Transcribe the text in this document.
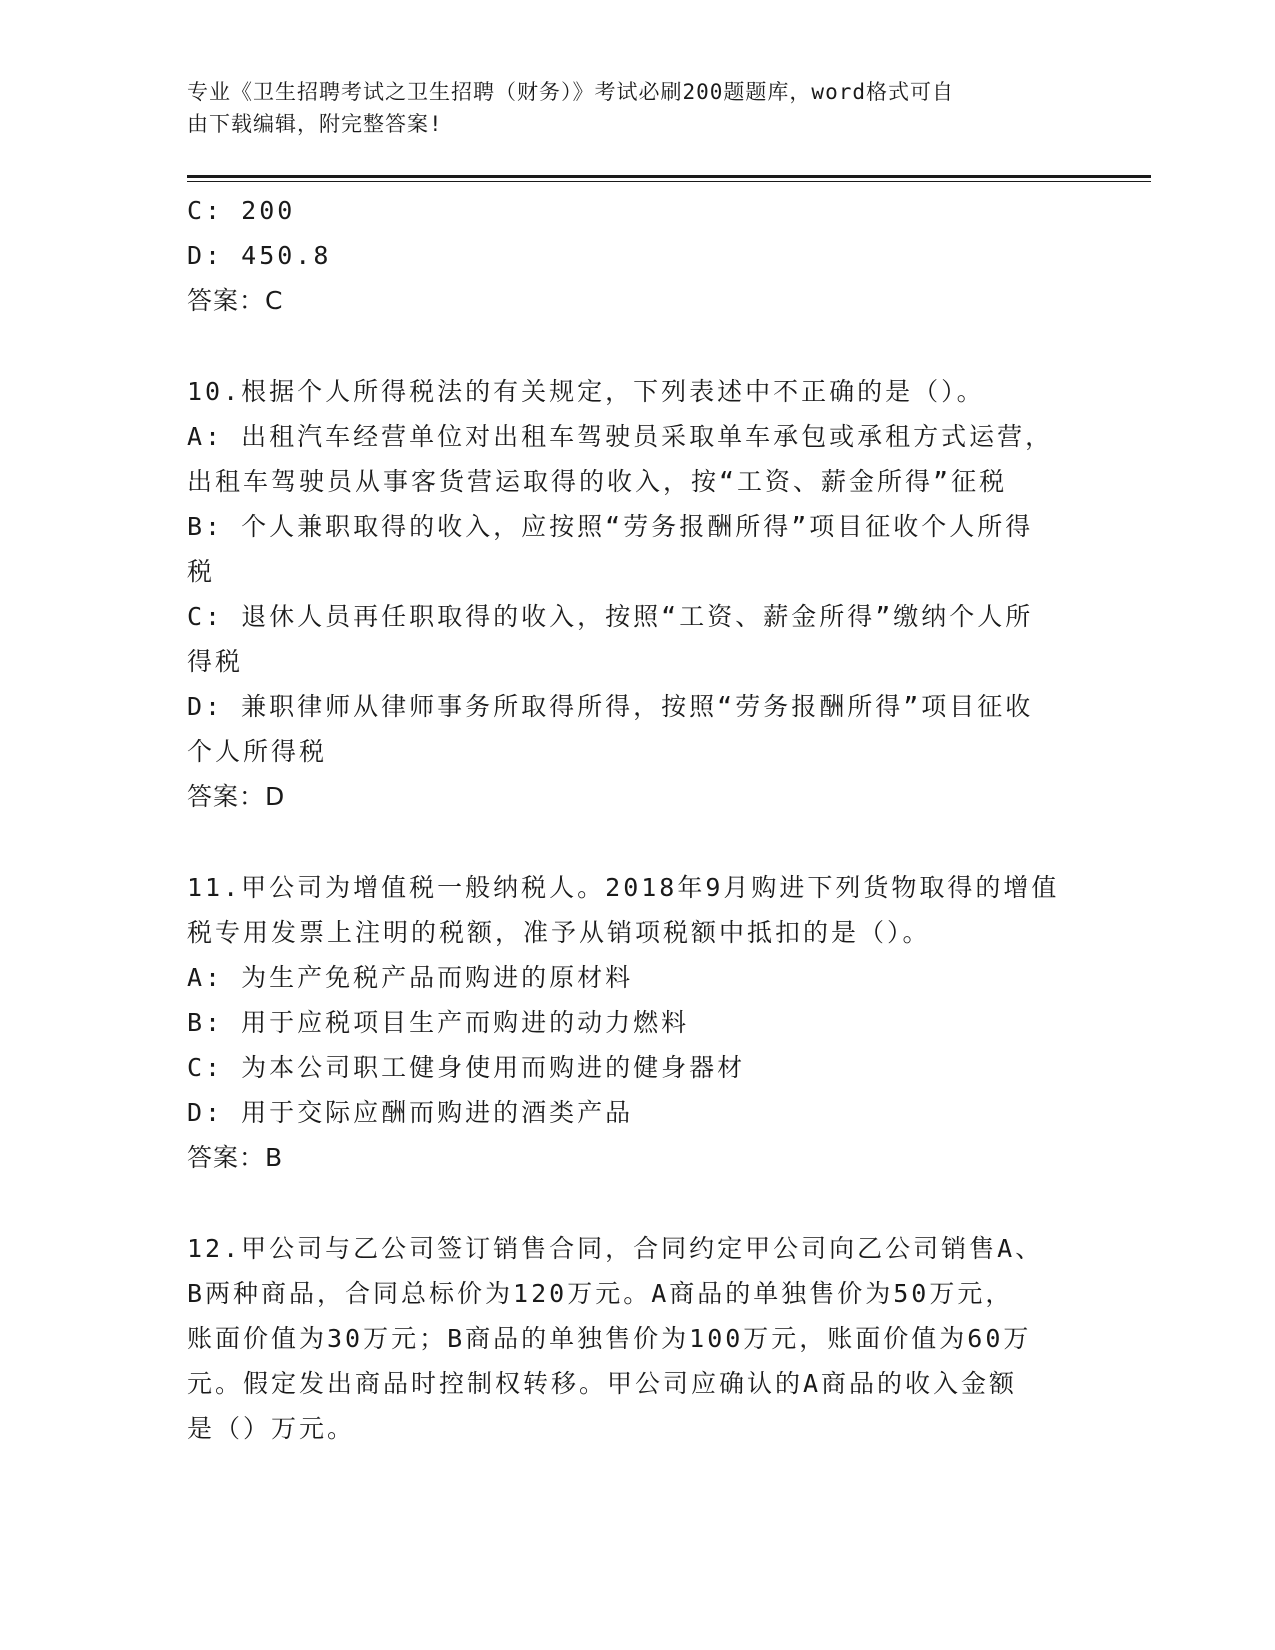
专业《卫生招聘考试之卫生招聘（财务）》考试必刷200题题库，word格式可自
由下载编辑，附完整答案!
C: 200
D: 450.8
答案：C
10.根据个人所得税法的有关规定，下列表述中不正确的是（）。
A: 出租汽车经营单位对出租车驾驶员采取单车承包或承租方式运营，
出租车驾驶员从事客货营运取得的收入，按“工资、薪金所得”征税
B: 个人兼职取得的收入，应按照“劳务报酬所得”项目征收个人所得
税
C: 退休人员再任职取得的收入，按照“工资、薪金所得”缴纳个人所
得税
D: 兼职律师从律师事务所取得所得，按照“劳务报酬所得”项目征收
个人所得税
答案：D
11.甲公司为增值税一般纳税人。2018年9月购进下列货物取得的增值
税专用发票上注明的税额，准予从销项税额中抵扣的是（）。
A: 为生产免税产品而购进的原材料
B: 用于应税项目生产而购进的动力燃料
C: 为本公司职工健身使用而购进的健身器材
D: 用于交际应酬而购进的酒类产品
答案：B
12.甲公司与乙公司签订销售合同，合同约定甲公司向乙公司销售A、
B两种商品，合同总标价为120万元。A商品的单独售价为50万元，
账面价值为30万元；B商品的单独售价为100万元，账面价值为60万
元。假定发出商品时控制权转移。甲公司应确认的A商品的收入金额
是（）万元。
